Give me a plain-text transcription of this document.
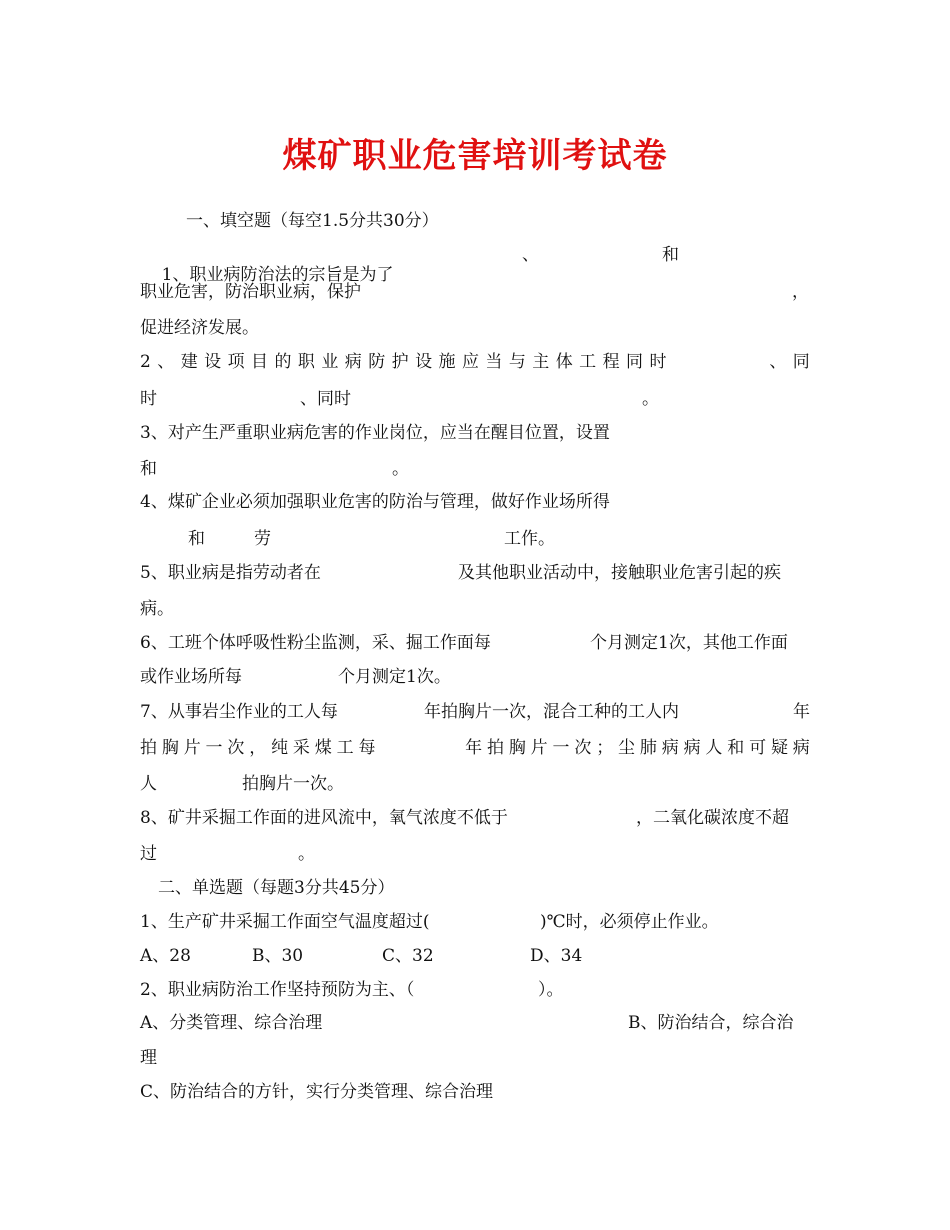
煤矿职业危害培训考试卷
一、填空题（每空1.5分共30分）

1、职业病防治法的宗旨是为了

、	和
职业危害，防治职业病，保护	，
促进经济发展。
2 、 建 设 项 目 的 职 业 病 防 护 设 施 应 当 与 主 体 工 程 同 时	、 同
时	、同时	。
3、对产生严重职业病危害的作业岗位，应当在醒目位置，设置
和	。
4、煤矿企业必须加强职业危害的防治与管理，做好作业场所得
和	劳	工作。
5、职业病是指劳动者在	及其他职业活动中，接触职业危害引起的疾
病。
6、工班个体呼吸性粉尘监测，采、掘工作面每	个月测定1次，其他工作面
或作业场所每	个月测定1次。
7、从事岩尘作业的工人每	年拍胸片一次，混合工种的工人内	年
拍 胸 片 一 次 ， 纯 采 煤 工 每	年 拍 胸 片 一 次 ； 尘 肺 病 病 人 和 可 疑 病
人	拍胸片一次。
8、矿井采掘工作面的进风流中，氧气浓度不低于	，二氧化碳浓度不超
过	。
二、单选题（每题3分共45分）
1、生产矿井采掘工作面空气温度超过(	)℃时，必须停止作业。
A、28	B、30	C、32	D、34
2、职业病防治工作坚持预防为主、（	）。
A、分类管理、综合治理	B、防治结合，综合治
理
C、防治结合的方针，实行分类管理、综合治理
